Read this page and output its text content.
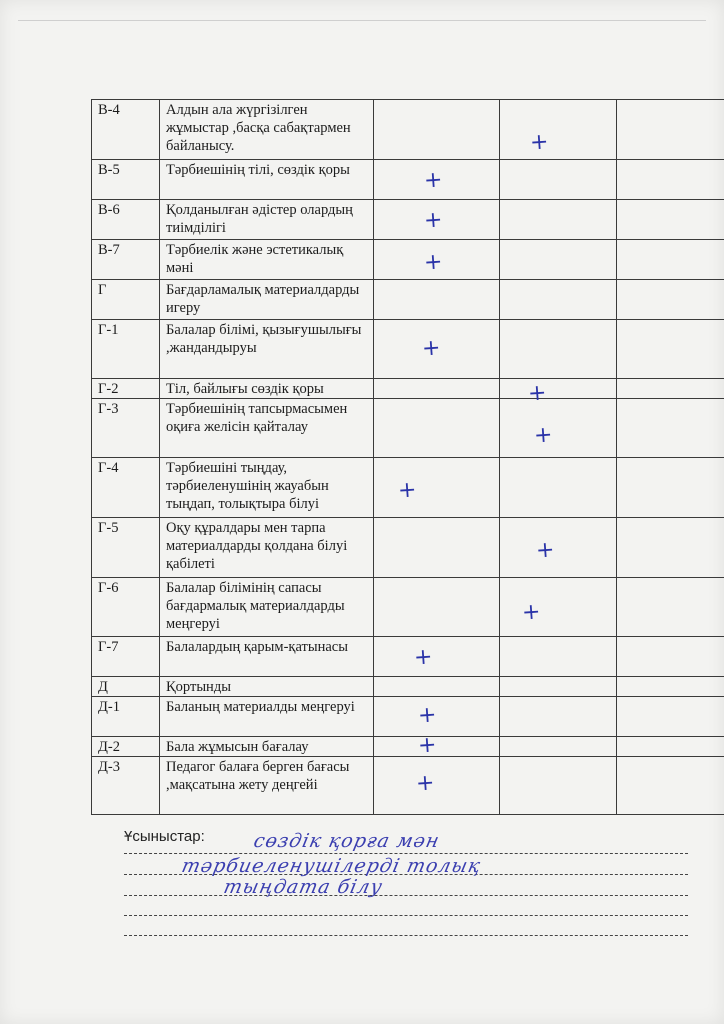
В-4	Алдын ала жүргізілген жұмыстар ,басқа сабақтармен байланысу.		+	

В-5	Тәрбиешінің тілі, сөздік қоры	+		

В-6	Қолданылған әдістер олардың тиімділігі	+		

В-7	Тәрбиелік және эстетикалық мәні	+		

Г	Бағдарламалық материалдарды игеру			
Г-1	Балалар білімі, қызығушылығы ,жандандыруы	+		

Г-2	Тіл, байлығы сөздік қоры		+	

Г-3	Тәрбиешінің тапсырмасымен оқиға желісін қайталау		+	

Г-4	Тәрбиешіні тыңдау, тәрбиеленушінің жауабын тыңдап, толықтыра білуі	+		

Г-5	Оқу құралдары мен тарпа материалдарды қолдана білуі қабілеті		+	

Г-6	Балалар білімінің сапасы бағдармалық материалдарды меңгеруі		+	

Г-7	Балалардың қарым-қатынасы	+		

Д	Қортынды			
Д-1	Баланың материалды меңгеруі	+		

Д-2	Бала жұмысын бағалау	+		

Д-3	Педагог балаға берген бағасы ,мақсатына жету деңгейі	+		

Ұсыныстар: сөздік қорға мән
тәрбиеленушілерді толық
тыңдата білу
